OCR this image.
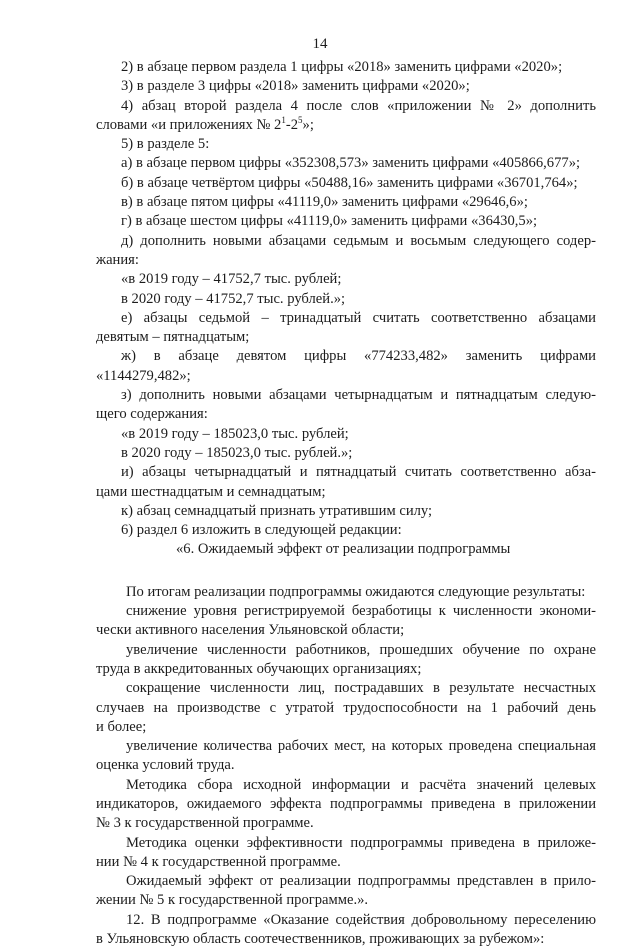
14
2) в абзаце первом раздела 1 цифры «2018» заменить цифрами «2020»;
3) в разделе 3 цифры «2018» заменить цифрами «2020»;
4) абзац второй раздела 4 после слов «приложении № 2» дополнить
словами «и приложениях № $2^1-2^5$»;
5) в разделе 5:
а) в абзаце первом цифры «352308,573» заменить цифрами «405866,677»;
б) в абзаце четвёртом цифры «50488,16» заменить цифрами «36701,764»;
в) в абзаце пятом цифры «41119,0» заменить цифрами «29646,6»;
г) в абзаце шестом цифры «41119,0» заменить цифрами «36430,5»;
д) дополнить новыми абзацами седьмым и восьмым следующего содер-
жания:
«в 2019 году – 41752,7 тыс. рублей;
в 2020 году – 41752,7 тыс. рублей.»;
е) абзацы седьмой – тринадцатый считать соответственно абзацами
девятым – пятнадцатым;
ж) в абзаце девятом цифры «774233,482» заменить цифрами
«1144279,482»;
з) дополнить новыми абзацами четырнадцатым и пятнадцатым следую-
щего содержания:
«в 2019 году – 185023,0 тыс. рублей;
в 2020 году – 185023,0 тыс. рублей.»;
и) абзацы четырнадцатый и пятнадцатый считать соответственно абза-
цами шестнадцатым и семнадцатым;
к) абзац семнадцатый признать утратившим силу;
6) раздел 6 изложить в следующей редакции:
«6. Ожидаемый эффект от реализации подпрограммы
По итогам реализации подпрограммы ожидаются следующие результаты:
снижение уровня регистрируемой безработицы к численности экономи-
чески активного населения Ульяновской области;
увеличение численности работников, прошедших обучение по охране
труда в аккредитованных обучающих организациях;
сокращение численности лиц, пострадавших в результате несчастных
случаев на производстве с утратой трудоспособности на 1 рабочий день
и более;
увеличение количества рабочих мест, на которых проведена специальная
оценка условий труда.
Методика сбора исходной информации и расчёта значений целевых
индикаторов, ожидаемого эффекта подпрограммы приведена в приложении
№ 3 к государственной программе.
Методика оценки эффективности подпрограммы приведена в приложе-
нии № 4 к государственной программе.
Ожидаемый эффект от реализации подпрограммы представлен в прило-
жении № 5 к государственной программе.».
12. В подпрограмме «Оказание содействия добровольному переселению
в Ульяновскую область соотечественников, проживающих за рубежом»:
